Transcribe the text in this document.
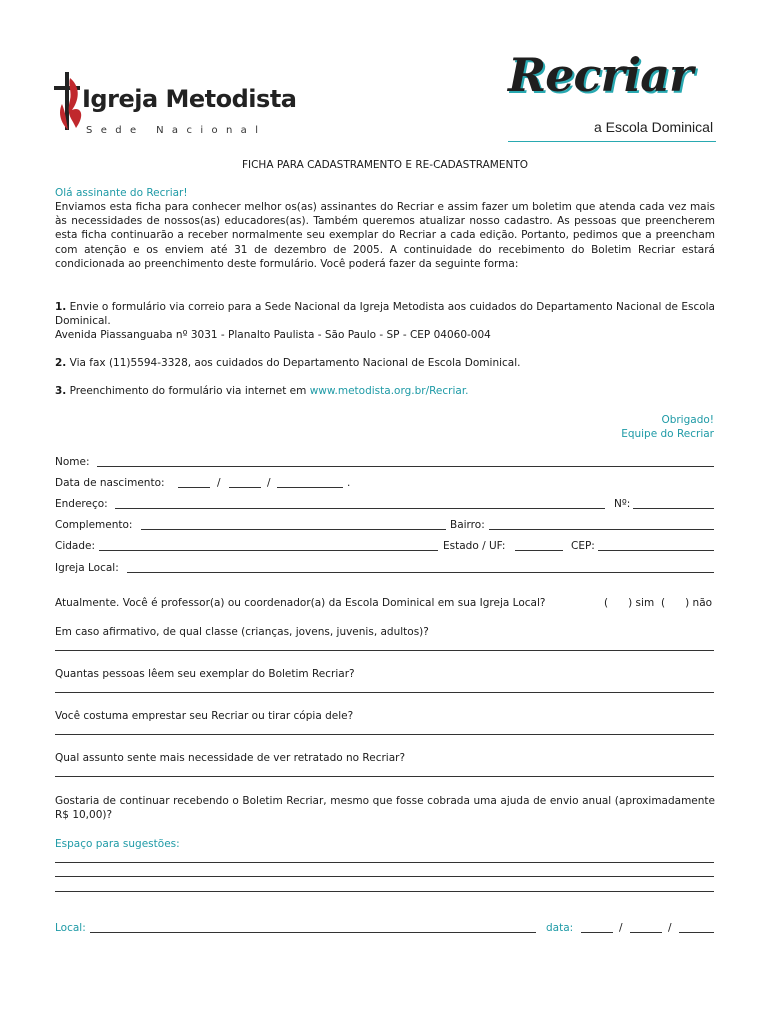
Igreja Metodista
S e d e   N a c i o n a l
Recriar
a Escola Dominical
FICHA PARA CADASTRAMENTO E RE-CADASTRAMENTO
Olá assinante do Recriar!
Enviamos esta ficha para conhecer melhor os(as) assinantes do Recriar e assim fazer um boletim que atenda cada vez mais às necessidades de nossos(as) educadores(as). Também queremos atualizar nosso cadastro. As pessoas que preencherem esta ficha continuarão a receber normalmente seu exemplar do Recriar a cada edição. Portanto, pedimos que a preencham com atenção e os enviem até 31 de dezembro de 2005. A continuidade do recebimento do Boletim Recriar estará condicionada ao preenchimento deste formulário. Você poderá fazer da seguinte forma:
1. Envie o formulário via correio para a Sede Nacional da Igreja Metodista aos cuidados do Departamento Nacional de Escola Dominical.
Avenida Piassanguaba nº 3031 - Planalto Paulista - São Paulo - SP - CEP 04060-004
2. Via fax (11)5594-3328, aos cuidados do Departamento Nacional de Escola Dominical.
3. Preenchimento do formulário via internet em www.metodista.org.br/Recriar.
Obrigado!
Equipe do Recriar
Nome:
Data de nascimento:	/	/	.
Endereço:	Nº:
Complemento:	Bairro:
Cidade:	Estado / UF:	CEP:
Igreja Local:
Atualmente. Você é professor(a) ou coordenador(a) da Escola Dominical em sua Igreja Local?	(      ) sim (      ) não
Em caso afirmativo, de qual classe (crianças, jovens, juvenis, adultos)?
Quantas pessoas lêem seu exemplar do Boletim Recriar?
Você costuma emprestar seu Recriar ou tirar cópia dele?
Qual assunto sente mais necessidade de ver retratado no Recriar?
Gostaria de continuar recebendo o Boletim Recriar, mesmo que fosse cobrada uma ajuda de envio anual (aproximadamente R$ 10,00)?
Espaço para sugestões:
Local:	data:	/	/
